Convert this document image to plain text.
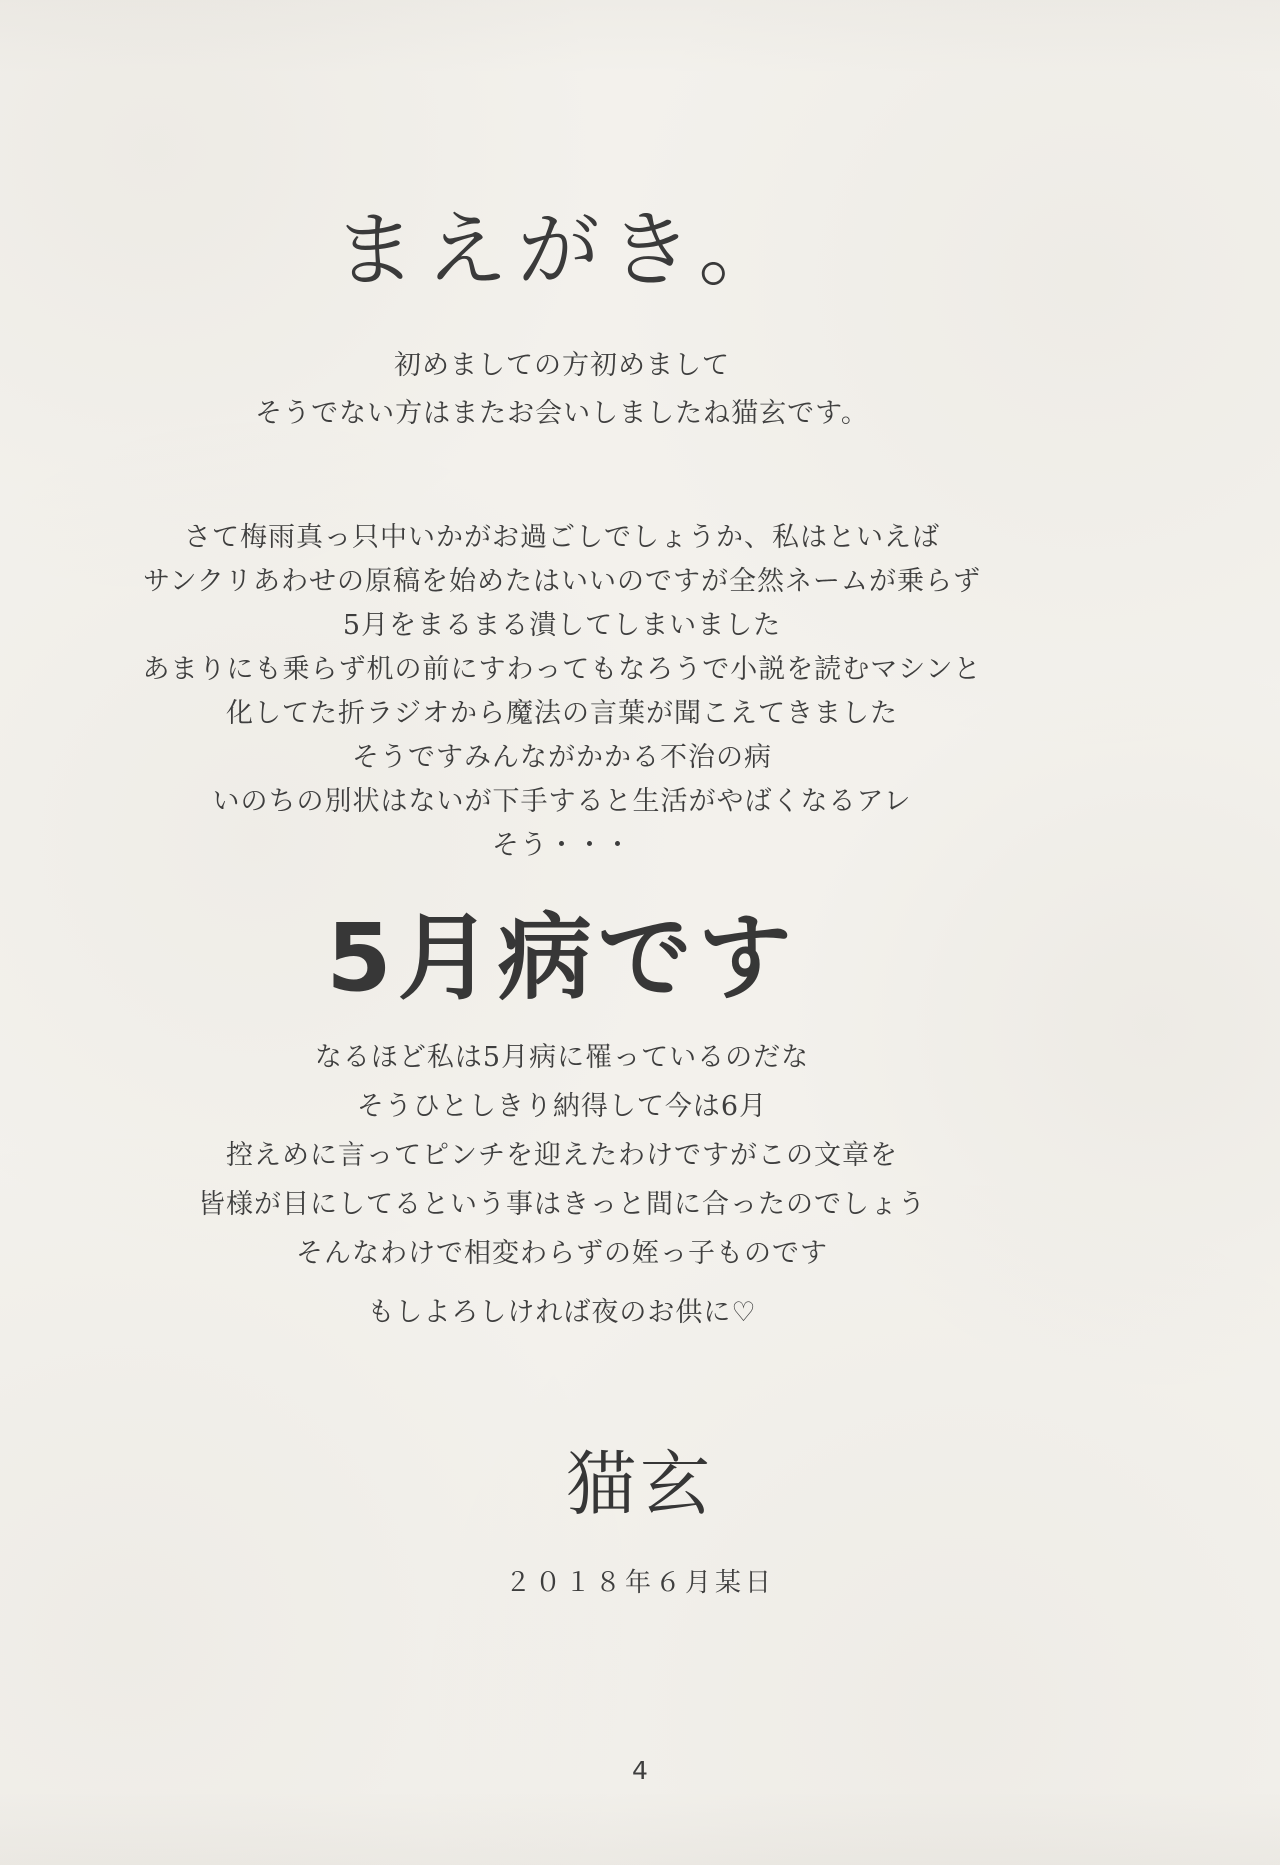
まえがき。
初めましての方初めまして
そうでない方はまたお会いしましたね猫玄です。
さて梅雨真っ只中いかがお過ごしでしょうか、私はといえば
サンクリあわせの原稿を始めたはいいのですが全然ネームが乗らず
5月をまるまる潰してしまいました
あまりにも乗らず机の前にすわってもなろうで小説を読むマシンと
化してた折ラジオから魔法の言葉が聞こえてきました
そうですみんながかかる不治の病
いのちの別状はないが下手すると生活がやばくなるアレ
そう・・・
5月病です
なるほど私は5月病に罹っているのだな
そうひとしきり納得して今は6月
控えめに言ってピンチを迎えたわけですがこの文章を
皆様が目にしてるという事はきっと間に合ったのでしょう
そんなわけで相変わらずの姪っ子ものです
もしよろしければ夜のお供に♡
猫玄
２０１８年６月某日
4
